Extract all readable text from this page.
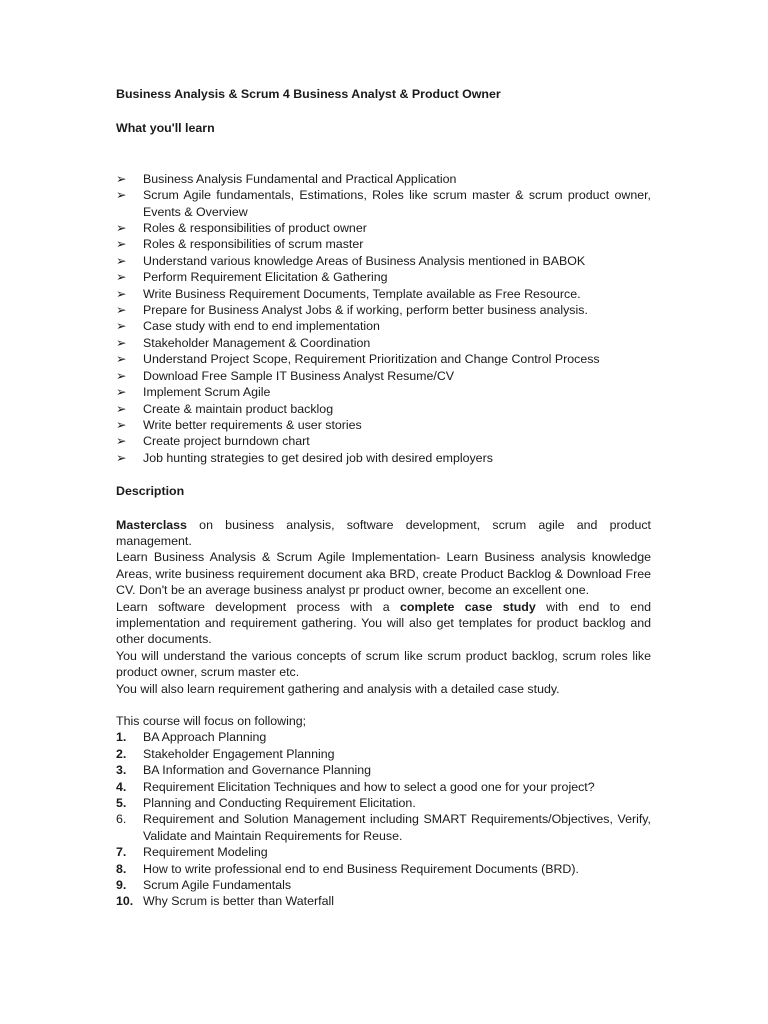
Business Analysis & Scrum 4 Business Analyst & Product Owner
What you'll learn
➢ Business Analysis Fundamental and Practical Application
➢ Scrum Agile fundamentals, Estimations, Roles like scrum master & scrum product owner, Events & Overview
➢ Roles & responsibilities of product owner
➢ Roles & responsibilities of scrum master
➢ Understand various knowledge Areas of Business Analysis mentioned in BABOK
➢ Perform Requirement Elicitation & Gathering
➢ Write Business Requirement Documents, Template available as Free Resource.
➢ Prepare for Business Analyst Jobs & if working, perform better business analysis.
➢ Case study with end to end implementation
➢ Stakeholder Management & Coordination
➢ Understand Project Scope, Requirement Prioritization and Change Control Process
➢ Download Free Sample IT Business Analyst Resume/CV
➢ Implement Scrum Agile
➢ Create & maintain product backlog
➢ Write better requirements & user stories
➢ Create project burndown chart
➢ Job hunting strategies to get desired job with desired employers
Description

Masterclass on business analysis, software development, scrum agile and product management.

Learn Business Analysis & Scrum Agile Implementation- Learn Business analysis knowledge Areas, write business requirement document aka BRD, create Product Backlog & Download Free CV. Don't be an average business analyst pr product owner, become an excellent one.

Learn software development process with a complete case study with end to end implementation and requirement gathering. You will also get templates for product backlog and other documents.

You will understand the various concepts of scrum like scrum product backlog, scrum roles like product owner, scrum master etc.

You will also learn requirement gathering and analysis with a detailed case study.

This course will focus on following;
1. BA Approach Planning
2. Stakeholder Engagement Planning
3. BA Information and Governance Planning
4. Requirement Elicitation Techniques and how to select a good one for your project?
5. Planning and Conducting Requirement Elicitation.
6. Requirement and Solution Management including SMART Requirements/Objectives, Verify, Validate and Maintain Requirements for Reuse.
7. Requirement Modeling
8. How to write professional end to end Business Requirement Documents (BRD).
9. Scrum Agile Fundamentals
10. Why Scrum is better than Waterfall
